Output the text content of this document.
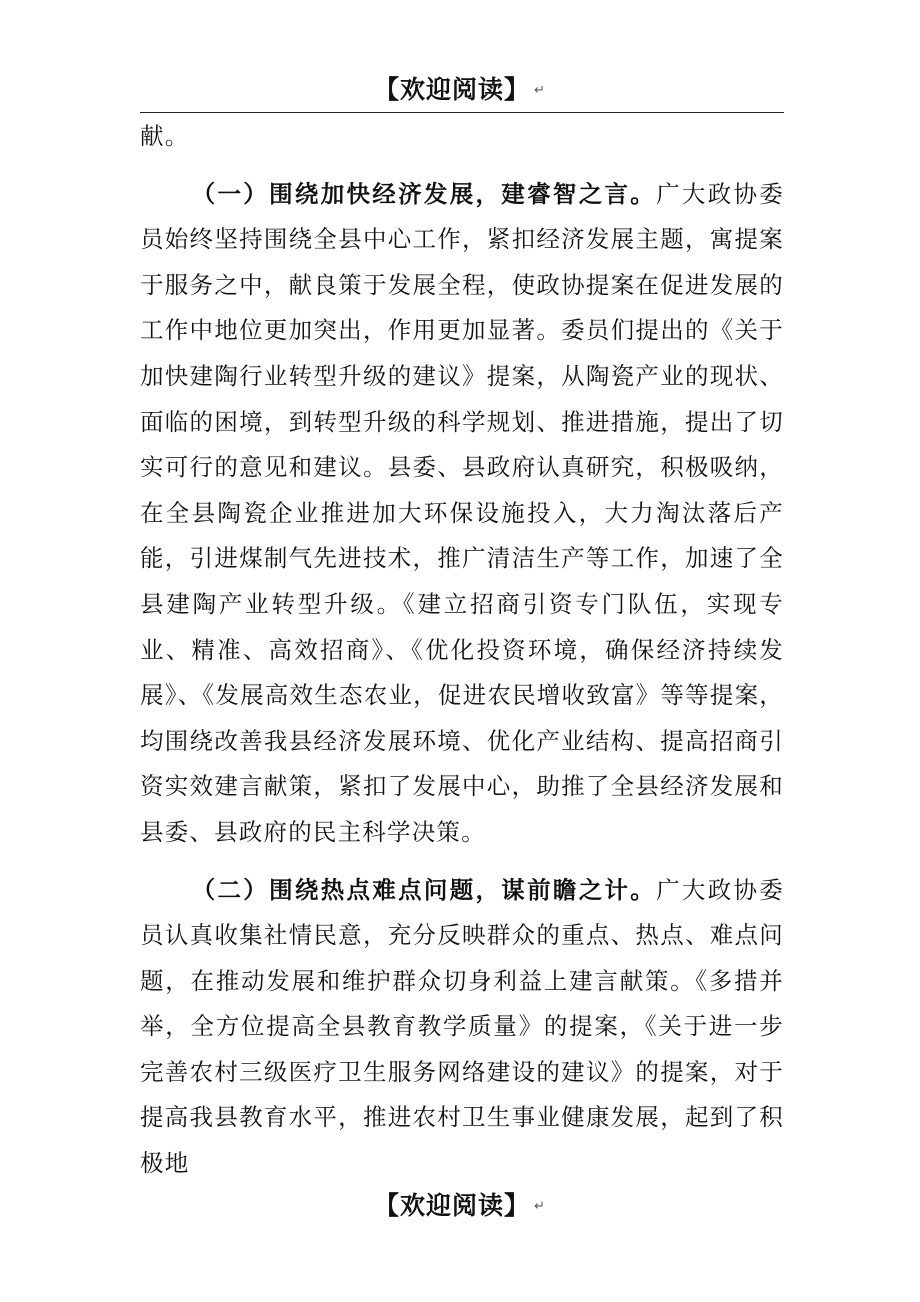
【欢迎阅读】 ↵

献。

（一）围绕加快经济发展，建睿智之言。广大政协委员始终坚持围绕全县中心工作，紧扣经济发展主题，寓提案于服务之中，献良策于发展全程，使政协提案在促进发展的工作中地位更加突出，作用更加显著。委员们提出的《关于加快建陶行业转型升级的建议》提案，从陶瓷产业的现状、面临的困境，到转型升级的科学规划、推进措施，提出了切实可行的意见和建议。县委、县政府认真研究，积极吸纳，在全县陶瓷企业推进加大环保设施投入，大力淘汰落后产能，引进煤制气先进技术，推广清洁生产等工作，加速了全县建陶产业转型升级。《建立招商引资专门队伍，实现专业、精准、高效招商》、《优化投资环境，确保经济持续发展》、《发展高效生态农业，促进农民增收致富》等等提案，均围绕改善我县经济发展环境、优化产业结构、提高招商引资实效建言献策，紧扣了发展中心，助推了全县经济发展和县委、县政府的民主科学决策。

（二）围绕热点难点问题，谋前瞻之计。广大政协委员认真收集社情民意，充分反映群众的重点、热点、难点问题，在推动发展和维护群众切身利益上建言献策。《多措并举，全方位提高全县教育教学质量》的提案，《关于进一步完善农村三级医疗卫生服务网络建设的建议》的提案，对于提高我县教育水平，推进农村卫生事业健康发展，起到了积极地

【欢迎阅读】 ↵
